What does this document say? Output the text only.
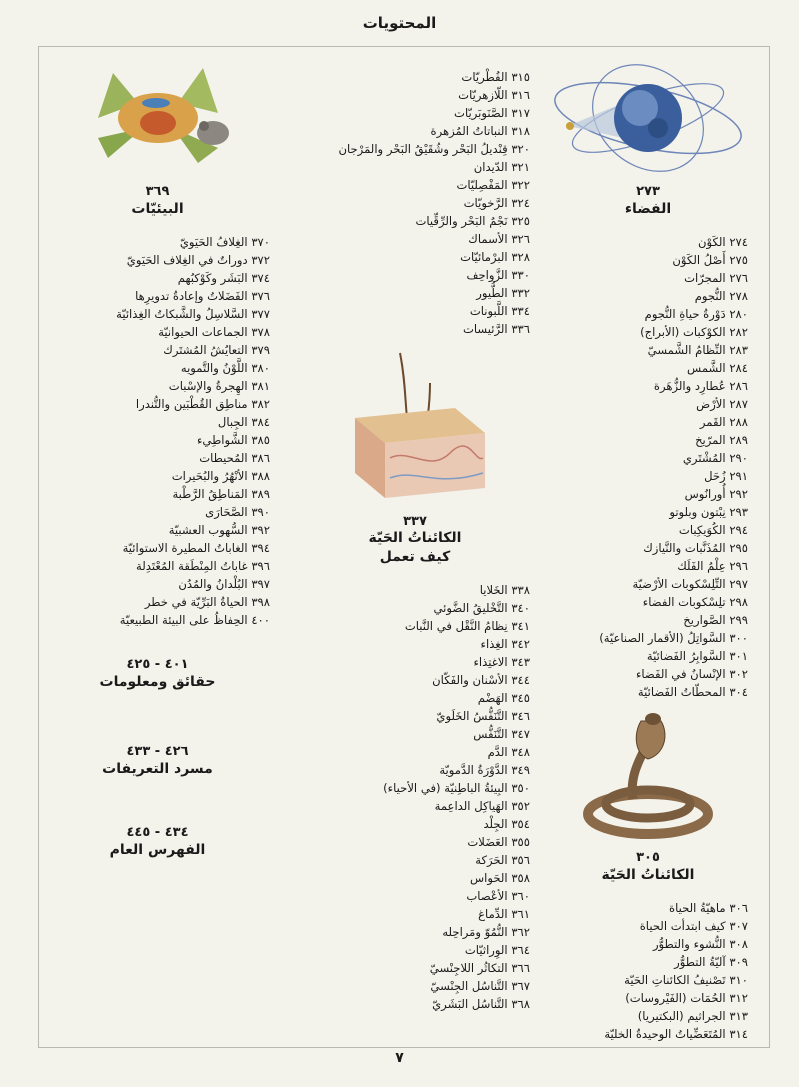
المحتويات
٢٧٣
الفضاء
٢٧٤ الكَوْن
٢٧٥ أَصْلُ الكَوْن
٢٧٦ المجرّات
٢٧٨ النُّجوم
٢٨٠ دَوْرةُ حياةِ النُّجوم
٢٨٢ الكوْكبات (الأبراج)
٢٨٣ النِّظامُ الشَّمسيّ
٢٨٤ الشَّمس
٢٨٦ عُطارِد والزُّهَرة
٢٨٧ الأرْض
٢٨٨ القَمر
٢٨٩ المرّيخ
٢٩٠ المُشْتَري
٢٩١ زُحَل
٢٩٢ أُورانُوس
٢٩٣ نِبْتون وبلوتو
٢٩٤ الكُوَيكِبات
٢٩٥ المُذَنَّبات والنَّيازك
٢٩٦ عِلْمُ الفَلَك
٢٩٧ التِّلِسْكوبات الأرْضيّة
٢٩٨ تلِسْكوبات الفضاء
٢٩٩ الصَّواريخ
٣٠٠ السَّواتِلُ (الأقمار الصناعيّة)
٣٠١ السَّوابِرُ الفَضائيّة
٣٠٢ الإنْسانُ في الفَضاء
٣٠٤ المحطّاتُ الفَضائيّة
٣٠٥
الكائناتُ الحَيّة
٣٠٦ ماهيّةُ الحياة
٣٠٧ كيف ابتدأت الحياة
٣٠٨ النُّشوء والتطوُّر
٣٠٩ آليّةُ التطوُّر
٣١٠ تَصْنيفُ الكائناتِ الحَيّة
٣١٢ الحُمَات (الفَيْروسات)
٣١٣ الجراثيم (البكتيريا)
٣١٤ المُتَعَضِّياتُ الوحيدةُ الخليّة
٣١٥ الفُطْريّات
٣١٦ اللّازهريّات
٣١٧ الصَّنَوبَريّات
٣١٨ النباتاتُ المُزهرة
٣٢٠ قِنْديلُ البَحْر وشُقَيْقُ البَحْر والمَرْجان
٣٢١ الدّيدان
٣٢٢ المَفْصِليّات
٣٢٤ الرَّخويّات
٣٢٥ نَجْمُ البَحْر والرِّقِّيات
٣٢٦ الأسماك
٣٢٨ البرْمائيّات
٣٣٠ الزَّواحِف
٣٣٢ الطُّيور
٣٣٤ اللَّبونات
٣٣٦ الرَّئيسات
٣٣٧
الكائناتُ الحَيّة
كيف تعمل
٣٣٨ الخَلايا
٣٤٠ التَّخْليقُ الضَّوئي
٣٤١ نِظامُ النَّقْل في النَّبات
٣٤٢ الغِذاء
٣٤٣ الاغتِذاء
٣٤٤ الأسْنان والفَكّان
٣٤٥ الهَضْم
٣٤٦ التَّنَفُّسُ الخَلَويّ
٣٤٧ التَّنَفُّس
٣٤٨ الدَّم
٣٤٩ الدَّوْرَةُ الدَّمويّة
٣٥٠ البِيئةُ الباطِنيّة (في الأحياء)
٣٥٢ الهَياكِل الداعِمة
٣٥٤ الجِلْد
٣٥٥ العَضَلات
٣٥٦ الحَرَكة
٣٥٨ الحَواس
٣٦٠ الأعْصاب
٣٦١ الدِّماغ
٣٦٢ النُّمُوّ ومَراحِله
٣٦٤ الوِراثيّات
٣٦٦ التكاثُر اللاجِنْسيّ
٣٦٧ التَّناسُل الجِنْسيّ
٣٦٨ التَّناسُل البَشَريّ
٣٦٩
البيئيّات
٣٧٠ الغِلافُ الحَيَويّ
٣٧٢ دوراتٌ في الغِلاف الحَيَويّ
٣٧٤ البَشَر وكَوْكبُهم
٣٧٦ الفَضَلاتُ وإعادةُ تدويرِها
٣٧٧ السَّلاسِلُ والشَّبكاتُ الغِذائيّة
٣٧٨ الجماعات الحيوانيّة
٣٧٩ التعايُشُ المُشتَرك
٣٨٠ اللَّوْنُ والتَّمويه
٣٨١ الهِجرةُ والإسْبات
٣٨٢ مناطِق القُطْبَين والتُّندرا
٣٨٤ الجِبال
٣٨٥ الشَّواطِيء
٣٨٦ المُحيطات
٣٨٨ الأنْهُرُ والبُحَيرات
٣٨٩ المَناطِقُ الرَّطْبة
٣٩٠ الصَّحَارَى
٣٩٢ السُّهوب العشبيّة
٣٩٤ الغاباتُ المطيرة الاستوائيّة
٣٩٦ غاباتُ المِنْطَقة المُعْتَدِلة
٣٩٧ البُلْدانُ والمُدُن
٣٩٨ الحياةُ البَرِّيّة في خطر
٤٠٠ الحِفاظُ على البيئة الطبيعيّة
٤٠١ - ٤٢٥
حقائق ومعلومات
٤٢٦ - ٤٣٣
مسرد التعريفات
٤٣٤ - ٤٤٥
الفهرس العام
٧
